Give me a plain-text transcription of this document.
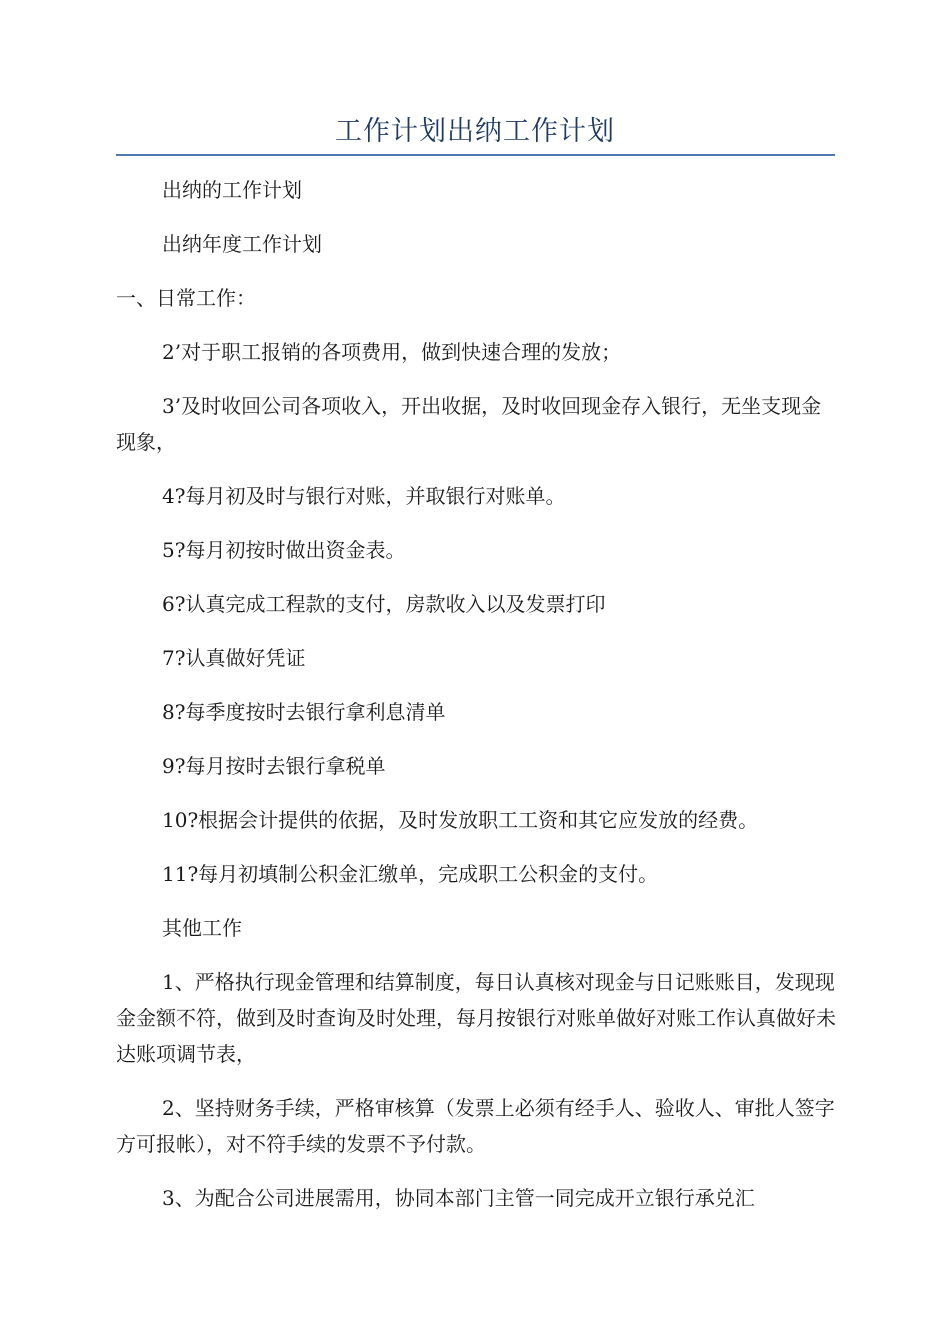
工作计划出纳工作计划

出纳的工作计划

出纳年度工作计划

一、日常工作：

2’对于职工报销的各项费用，做到快速合理的发放；

3’及时收回公司各项收入，开出收据，及时收回现金存入银行，无坐支现金现象，

4?每月初及时与银行对账，并取银行对账单。

5?每月初按时做出资金表。

6?认真完成工程款的支付，房款收入以及发票打印

7?认真做好凭证

8?每季度按时去银行拿利息清单

9?每月按时去银行拿税单

10?根据会计提供的依据，及时发放职工工资和其它应发放的经费。

11?每月初填制公积金汇缴单，完成职工公积金的支付。

其他工作

1、严格执行现金管理和结算制度，每日认真核对现金与日记账账目，发现现金金额不符，做到及时查询及时处理，每月按银行对账单做好对账工作认真做好未达账项调节表，

2、坚持财务手续，严格审核算（发票上必须有经手人、验收人、审批人签字方可报帐），对不符手续的发票不予付款。

3、为配合公司进展需用，协同本部门主管一同完成开立银行承兑汇
